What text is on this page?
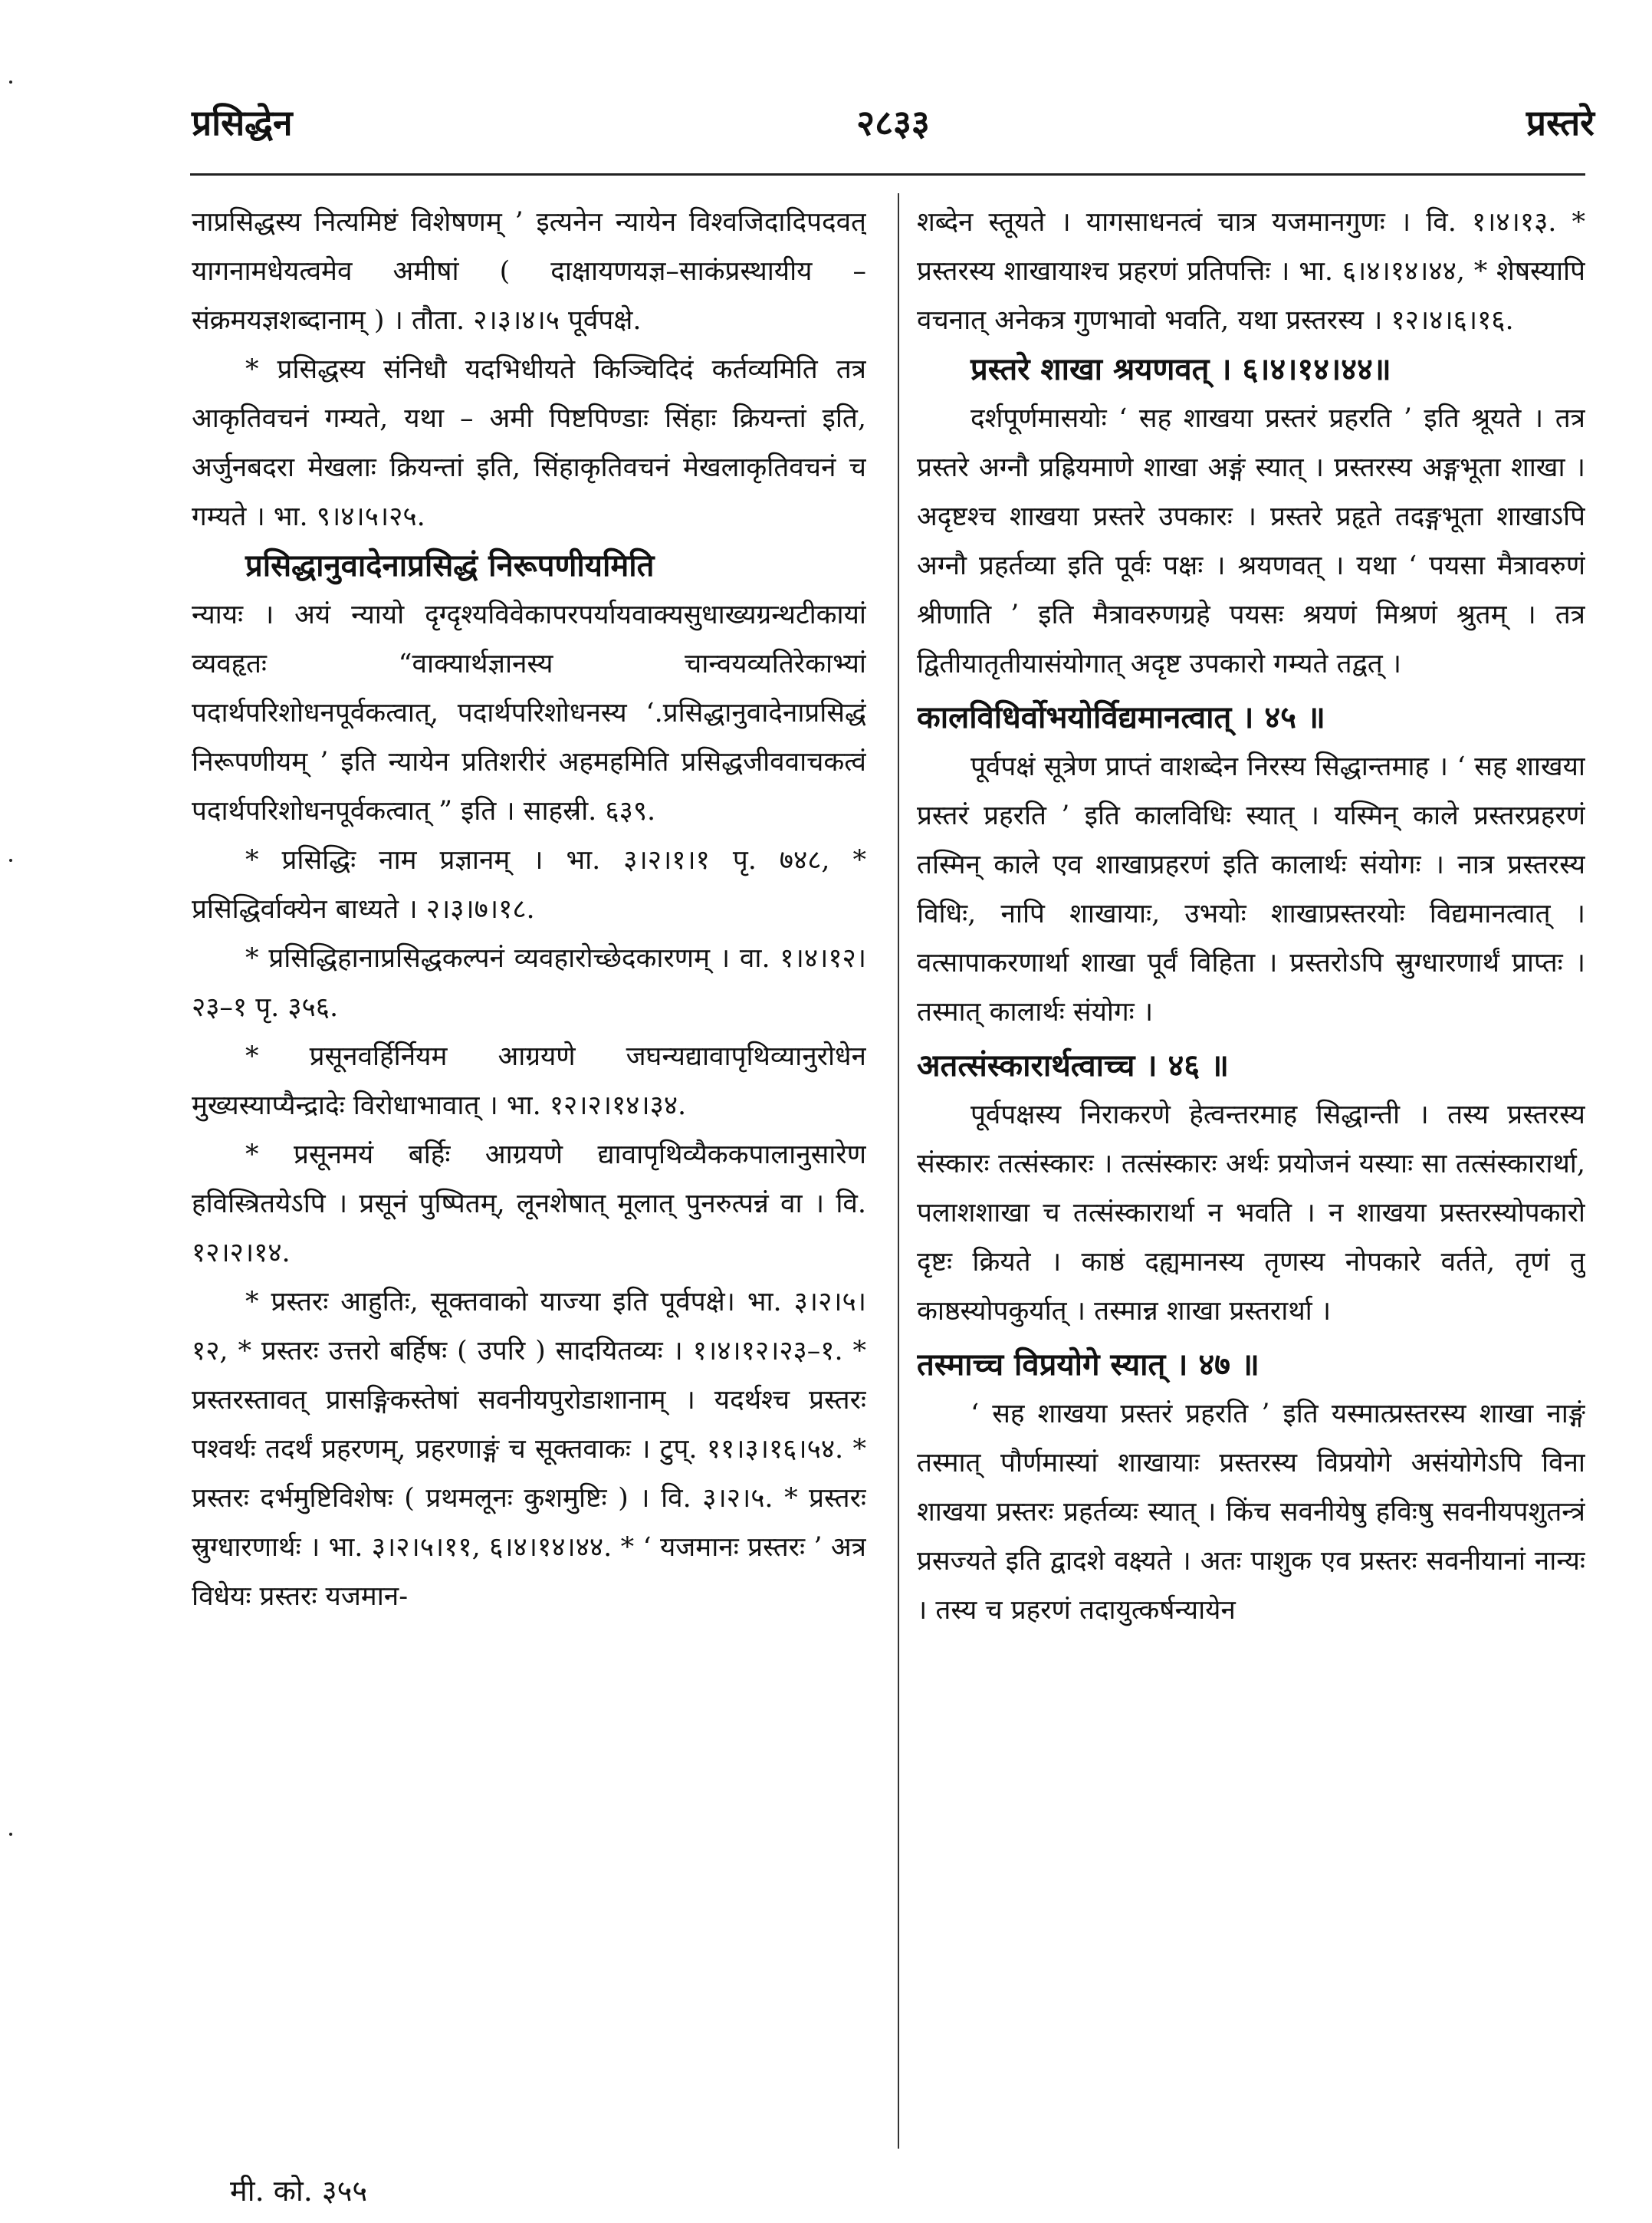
प्रसिद्धेन	२८३३	प्रस्तरे

नाप्रसिद्धस्य नित्यमिष्टं विशेषणम् ’ इत्यनेन न्यायेन विश्वजिदादिपदवत् यागनामधेयत्वमेव अमीषां ( दाक्षायणयज्ञ–साकंप्रस्थायीय – संक्रमयज्ञशब्दानाम् ) । तौता. २।३।४।५ पूर्वपक्षे.

* प्रसिद्धस्य संनिधौ यदभिधीयते किञ्चिदिदं कर्तव्यमिति तत्र आकृतिवचनं गम्यते, यथा – अमी पिष्टपिण्डाः सिंहाः क्रियन्तां इति, अर्जुनबदरा मेखलाः क्रियन्तां इति, सिंहाकृतिवचनं मेखलाकृतिवचनं च गम्यते । भा. ९।४।५।२५.

प्रसिद्धानुवादेनाप्रसिद्धं निरूपणीयमिति

न्यायः । अयं न्यायो दृग्दृश्यविवेकापरपर्यायवाक्यसुधाख्यग्रन्थटीकायां व्यवहृतः “वाक्यार्थज्ञानस्य चान्वयव्यतिरेकाभ्यां पदार्थपरिशोधनपूर्वकत्वात्, पदार्थपरिशोधनस्य ‘.प्रसिद्धानुवादेनाप्रसिद्धं निरूपणीयम् ’ इति न्यायेन प्रतिशरीरं अहमहमिति प्रसिद्धजीववाचकत्वं पदार्थपरिशोधनपूर्वकत्वात् ” इति । साहस्री. ६३९.

* प्रसिद्धिः नाम प्रज्ञानम् । भा. ३।२।१।१ पृ. ७४८, * प्रसिद्धिर्वाक्येन बाध्यते । २।३।७।१८.

* प्रसिद्धिहानाप्रसिद्धकल्पनं व्यवहारोच्छेदकारणम् । वा. १।४।१२।२३–१ पृ. ३५६.

* प्रसूनवर्हिर्नियम आग्रयणे जघन्यद्यावापृथिव्यानुरोधेन मुख्यस्याप्यैन्द्रादेः विरोधाभावात् । भा. १२।२।१४।३४.

* प्रसूनमयं बर्हिः आग्रयणे द्यावापृथिव्यैककपालानुसारेण हविस्त्रितयेऽपि । प्रसूनं पुष्पितम्, लूनशेषात् मूलात् पुनरुत्पन्नं वा । वि. १२।२।१४.

* प्रस्तरः आहुतिः, सूक्तवाको याज्या इति पूर्वपक्षे। भा. ३।२।५।१२, * प्रस्तरः उत्तरो बर्हिषः ( उपरि ) सादयितव्यः । १।४।१२।२३–१. * प्रस्तरस्तावत् प्रासङ्गिकस्तेषां सवनीयपुरोडाशानाम् । यदर्थश्च प्रस्तरः पश्वर्थः तदर्थं प्रहरणम्, प्रहरणाङ्गं च सूक्तवाकः । टुप्. ११।३।१६।५४. * प्रस्तरः दर्भमुष्टिविशेषः ( प्रथमलूनः कुशमुष्टिः ) । वि. ३।२।५. * प्रस्तरः स्रुग्धारणार्थः । भा. ३।२।५।११, ६।४।१४।४४. * ‘ यजमानः प्रस्तरः ’ अत्र विधेयः प्रस्तरः यजमान-

शब्देन स्तूयते । यागसाधनत्वं चात्र यजमानगुणः । वि. १।४।१३. * प्रस्तरस्य शाखायाश्च प्रहरणं प्रतिपत्तिः । भा. ६।४।१४।४४, * शेषस्यापि वचनात् अनेकत्र गुणभावो भवति, यथा प्रस्तरस्य । १२।४।६।१६.

प्रस्तरे शाखा श्रयणवत् । ६।४।१४।४४॥

दर्शपूर्णमासयोः ‘ सह शाखया प्रस्तरं प्रहरति ’ इति श्रूयते । तत्र प्रस्तरे अग्नौ प्रह्रियमाणे शाखा अङ्गं स्यात् । प्रस्तरस्य अङ्गभूता शाखा । अदृष्टश्च शाखया प्रस्तरे उपकारः । प्रस्तरे प्रहृते तदङ्गभूता शाखाऽपि अग्नौ प्रहर्तव्या इति पूर्वः पक्षः । श्रयणवत् । यथा ‘ पयसा मैत्रावरुणं श्रीणाति ’ इति मैत्रावरुणग्रहे पयसः श्रयणं मिश्रणं श्रुतम् । तत्र द्वितीयातृतीयासंयोगात् अदृष्ट उपकारो गम्यते तद्वत् ।

कालविधिर्वोभयोर्विद्यमानत्वात् । ४५ ॥

पूर्वपक्षं सूत्रेण प्राप्तं वाशब्देन निरस्य सिद्धान्तमाह । ‘ सह शाखया प्रस्तरं प्रहरति ’ इति कालविधिः स्यात् । यस्मिन् काले प्रस्तरप्रहरणं तस्मिन् काले एव शाखाप्रहरणं इति कालार्थः संयोगः । नात्र प्रस्तरस्य विधिः, नापि शाखायाः, उभयोः शाखाप्रस्तरयोः विद्यमानत्वात् । वत्सापाकरणार्था शाखा पूर्वं विहिता । प्रस्तरोऽपि स्रुग्धारणार्थं प्राप्तः । तस्मात् कालार्थः संयोगः ।

अतत्संस्कारार्थत्वाच्च । ४६ ॥

पूर्वपक्षस्य निराकरणे हेत्वन्तरमाह सिद्धान्ती । तस्य प्रस्तरस्य संस्कारः तत्संस्कारः । तत्संस्कारः अर्थः प्रयोजनं यस्याः सा तत्संस्कारार्था, पलाशशाखा च तत्संस्कारार्था न भवति । न शाखया प्रस्तरस्योपकारो दृष्टः क्रियते । काष्ठं दह्यमानस्य तृणस्य नोपकारे वर्तते, तृणं तु काष्ठस्योपकुर्यात् । तस्मान्न शाखा प्रस्तरार्था ।

तस्माच्च विप्रयोगे स्यात् । ४७ ॥

‘ सह शाखया प्रस्तरं प्रहरति ’ इति यस्मात्प्रस्तरस्य शाखा नाङ्गं तस्मात् पौर्णमास्यां शाखायाः प्रस्तरस्य विप्रयोगे असंयोगेऽपि विना शाखया प्रस्तरः प्रहर्तव्यः स्यात् । किंच सवनीयेषु हविःषु सवनीयपशुतन्त्रं प्रसज्यते इति द्वादशे वक्ष्यते । अतः पाशुक एव प्रस्तरः सवनीयानां नान्यः । तस्य च प्रहरणं तदायुत्कर्षन्यायेन

मी. को. ३५५
